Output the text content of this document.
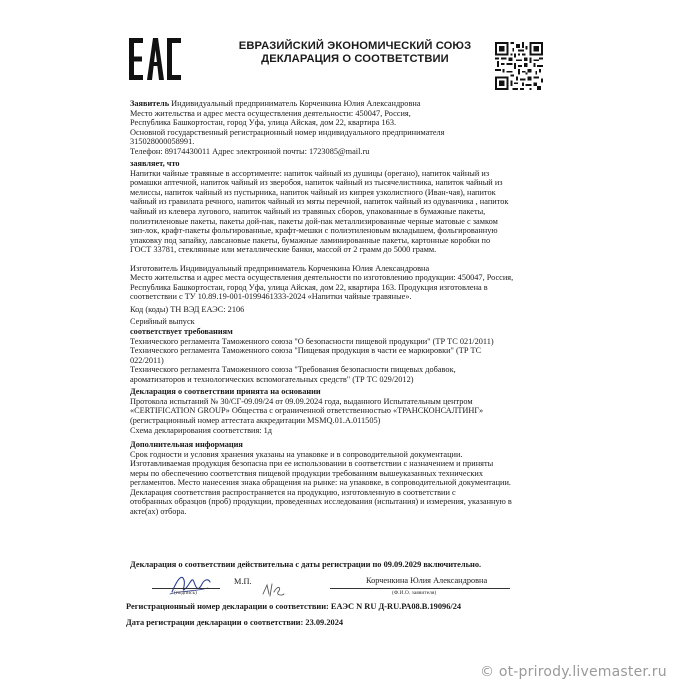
ЕВРАЗИЙСКИЙ ЭКОНОМИЧЕСКИЙ СОЮЗ
ДЕКЛАРАЦИЯ О СООТВЕТСТВИИ

Заявитель Индивидуальный предприниматель Корченкина Юлия Александровна

Место жительства и адрес места осуществления деятельности: 450047, Россия,

Республика Башкортостан, город Уфа, улица Айская, дом 22, квартира 163.

Основной государственный регистрационный номер индивидуального предпринимателя

315028000058991.

Телефон: 89174430011 Адрес электронной почты: 1723085@mail.ru

заявляет, что

Напитки чайные травяные в ассортименте: напиток чайный из душицы (орегано), напиток чайный из

ромашки аптечной, напиток чайный из зверобоя, напиток чайный из тысячелистника, напиток чайный из

мелиссы, напиток чайный из пустырника, напиток чайный из кипрея узколистного (Иван-чая), напиток

чайный из гравилата речного, напиток чайный из мяты перечной, напиток чайный из одуванчика , напиток

чайный из клевера лугового, напиток чайный из травяных сборов, упакованные в бумажные пакеты,

полиэтиленовые пакеты, пакеты дой-пак, пакеты дой-пак металлизированные черные матовые с замком

зип-лок, крафт-пакеты фольгированные, крафт-мешки с полиэтиленовым вкладышем, фольгированную

упаковку под запайку, лавсановые пакеты, бумажные ламинированные пакеты, картонные коробки по

ГОСТ 33781, стеклянные или металлические банки, массой от 2 грамм до 5000 грамм.

Изготовитель Индивидуальный предприниматель Корченкина Юлия Александровна

Место жительства и адрес места осуществления деятельности по изготовлению продукции: 450047, Россия,

Республика Башкортостан, город Уфа, улица Айская, дом 22, квартира 163. Продукция изготовлена в

соответствии с ТУ 10.89.19-001-0199461333-2024 «Напитки чайные травяные».

Код (коды) ТН ВЭД ЕАЭС: 2106

Серийный выпуск

соответствует требованиям

Технического регламента Таможенного союза "О безопасности пищевой продукции" (ТР ТС 021/2011)

Технического регламента Таможенного союза "Пищевая продукция в части ее маркировки" (ТР ТС

022/2011)

Технического регламента Таможенного союза "Требования безопасности пищевых добавок,

ароматизаторов и технологических вспомогательных средств" (ТР ТС 029/2012)

Декларация о соответствии принята на основании

Протокола испытаний № 30/СГ-09.09/24 от 09.09.2024 года, выданного Испытательным центром

«CERTIFICATION GROUP» Общества с ограниченной ответственностью «ТРАНСКОНСАЛТИНГ»

(регистрационный номер аттестата аккредитации MSMQ.01.A.011505)

Схема декларирования соответствия: 1д

Дополнительная информация

Срок годности и условия хранения указаны на упаковке и в сопроводительной документации.

Изготавливаемая продукция безопасна при ее использовании в соответствии с назначением и приняты

меры по обеспечению соответствия пищевой продукции требованиям вышеуказанных технических

регламентов. Место нанесения знака обращения на рынке: на упаковке, в сопроводительной документации.

Декларация соответствия распространяется на продукцию, изготовленную в соответствии с

отобранных образцов (проб) продукции, проведенных исследования (испытания) и измерения, указанную в

акте(ах) отбора.

Декларация о соответствии действительна с даты регистрации по 09.09.2029 включительно.

М.П.
(подпись)
Корченкина Юлия Александровна
(Ф.И.О. заявителя)

Регистрационный номер декларации о соответствии: ЕАЭС N RU Д-RU.РА08.В.19096/24

Дата регистрации декларации о соответствии: 23.09.2024

© ot-prirody.livemaster.ru
